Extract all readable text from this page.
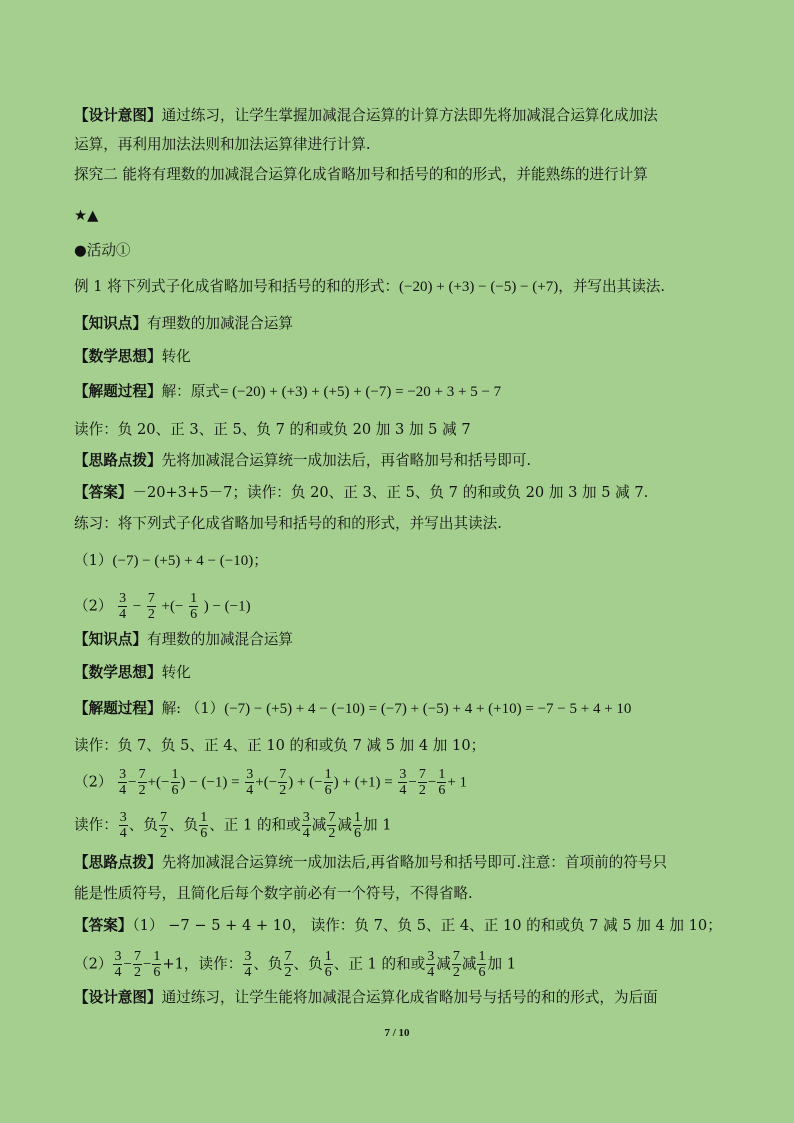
【设计意图】通过练习，让学生掌握加减混合运算的计算方法即先将加减混合运算化成加法
运算，再利用加法法则和加法运算律进行计算.
探究二 能将有理数的加减混合运算化成省略加号和括号的和的形式，并能熟练的进行计算
★▲
●活动①
例 1 将下列式子化成省略加号和括号的和的形式：(−20) + (+3) − (−5) − (+7)，并写出其读法.
【知识点】有理数的加减混合运算
【数学思想】转化
【解题过程】解：原式= (−20) + (+3) + (+5) + (−7) = −20 + 3 + 5 − 7
读作：负 20、正 3、正 5、负 7 的和或负 20 加 3 加 5 减 7
【思路点拨】先将加减混合运算统一成加法后，再省略加号和括号即可.
【答案】－20+3+5－7；读作：负 20、正 3、正 5、负 7 的和或负 20 加 3 加 5 减 7.
练习：将下列式子化成省略加号和括号的和的形式，并写出其读法.
（1）(−7) − (+5) + 4 − (−10)；
$(2) \frac{3}{4} - \frac{7}{2}$ +(− $\frac{1}{6}$ ) − (−1)
【知识点】有理数的加减混合运算
【数学思想】转化
【解题过程】解: （1）(−7) − (+5) + 4 − (−10) = (−7) + (−5) + 4 + (+10) = −7 − 5 + 4 + 10
读作：负 7、负 5、正 4、正 10 的和或负 7 减 5 加 4 加 10；
$(2) \frac{3}{4} - \frac{7}{2}$ +(− $\frac{1}{6}$ ) − $(-1) = \frac{3}{4}$ +(− $\frac{7}{2}$ ) + (− $\frac{1}{6}$ ) + $(+1) = \frac{3}{4} - \frac{7}{2} - \frac{1}{6} + 1$
读作： $\frac{3}{4}$ 、负 $\frac{7}{2}$ 、负 $\frac{1}{6}$ 、正 1 的和或 $\frac{3}{4}$ 减 $\frac{7}{2}$ 减 $\frac{1}{6}$ 加 1
【思路点拨】先将加减混合运算统一成加法后,再省略加号和括号即可.注意：首项前的符号只
能是性质符号，且简化后每个数字前必有一个符号，不得省略.
【答案】（1） −7 − 5 + 4 + 10， 读作：负 7、负 5、正 4、正 10 的和或负 7 减 5 加 4 加 10；
$(2) \frac{3}{4} - \frac{7}{2} - \frac{1}{6} +1$，读作： $\frac{3}{4}$ 、负 $\frac{7}{2}$ 、负 $\frac{1}{6}$ 、正 1 的和或 $\frac{3}{4}$ 减 $\frac{7}{2}$ 减 $\frac{1}{6}$ 加 1
【设计意图】通过练习，让学生能将加减混合运算化成省略加号与括号的和的形式，为后面
7 / 10
